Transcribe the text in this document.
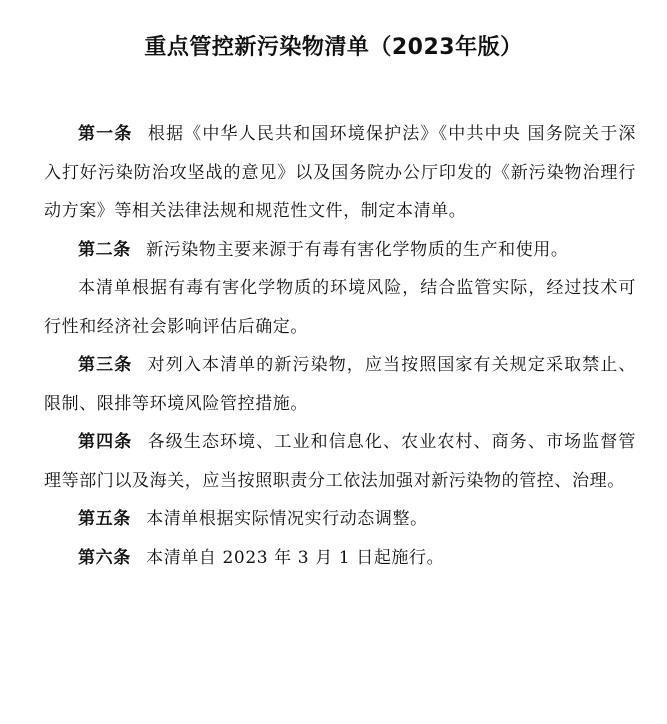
重点管控新污染物清单（2023年版）

第一条 根据《中华人民共和国环境保护法》《中共中央 国务院关于深入打好污染防治攻坚战的意见》以及国务院办公厅印发的《新污染物治理行动方案》等相关法律法规和规范性文件，制定本清单。

第二条 新污染物主要来源于有毒有害化学物质的生产和使用。

本清单根据有毒有害化学物质的环境风险，结合监管实际，经过技术可行性和经济社会影响评估后确定。

第三条 对列入本清单的新污染物，应当按照国家有关规定采取禁止、限制、限排等环境风险管控措施。

第四条 各级生态环境、工业和信息化、农业农村、商务、市场监督管理等部门以及海关，应当按照职责分工依法加强对新污染物的管控、治理。

第五条 本清单根据实际情况实行动态调整。

第六条 本清单自 2023 年 3 月 1 日起施行。
